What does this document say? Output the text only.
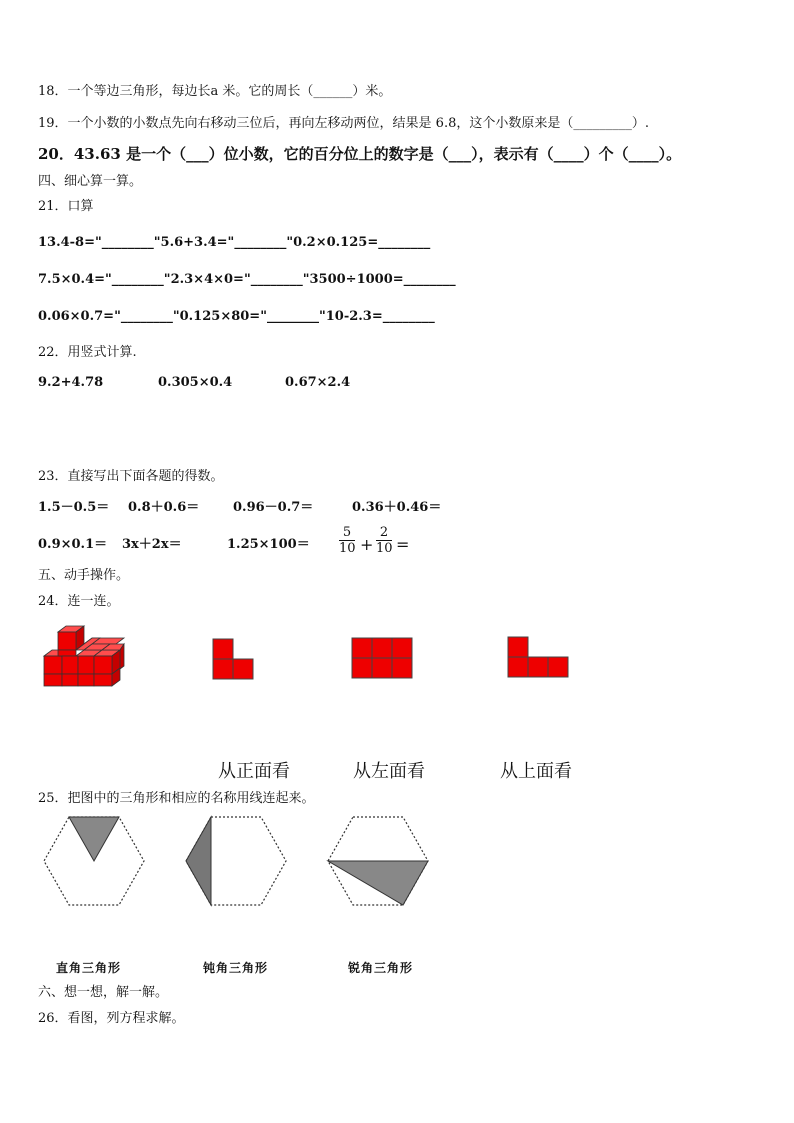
18．一个等边三角形，每边长a 米。它的周长（______）米。
19．一个小数的小数点先向右移动三位后，再向左移动两位，结果是 6.8，这个小数原来是（_________）.
20．43.63 是一个（___）位小数，它的百分位上的数字是（___），表示有（____）个（____）。
四、细心算一算。
21．口算
13.4-8="________"5.6+3.4="________"0.2×0.125=________
7.5×0.4="________"2.3×4×0="________"3500÷1000=________
0.06×0.7="________"0.125×80="________"10-2.3=________
22．用竖式计算.
9.2+4.78	0.305×0.4	0.67×2.4
23．直接写出下面各题的得数。
1.5－0.5＝ 0.8＋0.6＝	0.96－0.7＝	0.36＋0.46＝
0.9×0.1＝ 3x＋2x＝	1.25×100＝
5
10 +
2
10 =
五、动手操作。
24．连一连。
从正面看	从左面看	从上面看
25．把图中的三角形和相应的名称用线连起来。
直角三角形	钝角三角形	锐角三角形
六、想一想，解一解。
26．看图，列方程求解。
